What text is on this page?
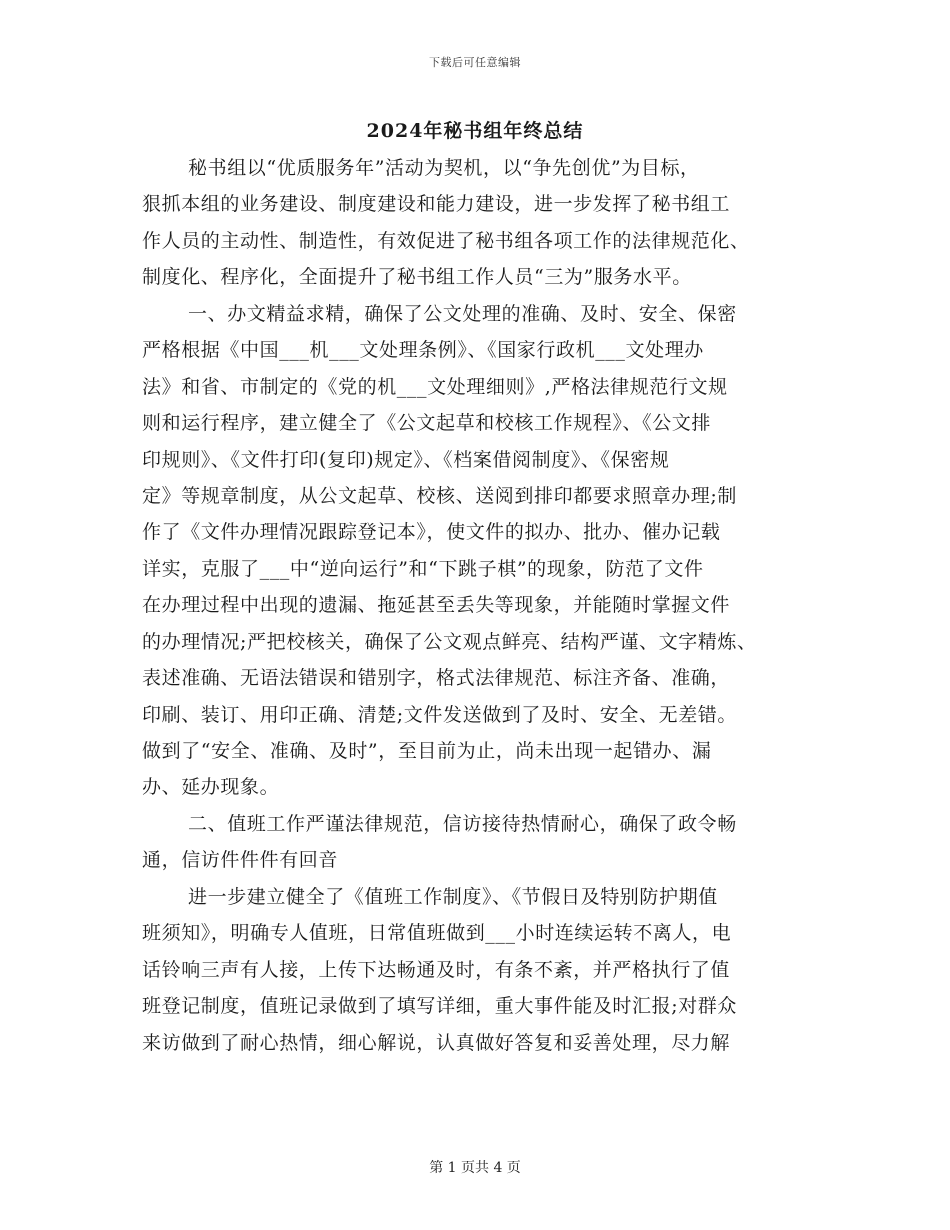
下载后可任意编辑
2024年秘书组年终总结
秘书组以“优质服务年”活动为契机，以“争先创优”为目标，
狠抓本组的业务建设、制度建设和能力建设，进一步发挥了秘书组工
作人员的主动性、制造性，有效促进了秘书组各项工作的法律规范化、
制度化、程序化，全面提升了秘书组工作人员“三为”服务水平。
一、办文精益求精，确保了公文处理的准确、及时、安全、保密
严格根据《中国___机___文处理条例》、《国家行政机___文处理办
法》和省、市制定的《党的机___文处理细则》,严格法律规范行文规
则和运行程序，建立健全了《公文起草和校核工作规程》、《公文排
印规则》、《文件打印(复印)规定》、《档案借阅制度》、《保密规
定》等规章制度，从公文起草、校核、送阅到排印都要求照章办理;制
作了《文件办理情况跟踪登记本》，使文件的拟办、批办、催办记载
详实，克服了___中“逆向运行”和“下跳子棋”的现象，防范了文件
在办理过程中出现的遗漏、拖延甚至丢失等现象，并能随时掌握文件
的办理情况;严把校核关，确保了公文观点鲜亮、结构严谨、文字精炼、
表述准确、无语法错误和错别字，格式法律规范、标注齐备、准确，
印刷、装订、用印正确、清楚;文件发送做到了及时、安全、无差错。
做到了“安全、准确、及时”，至目前为止，尚未出现一起错办、漏
办、延办现象。
二、值班工作严谨法律规范，信访接待热情耐心，确保了政令畅
通，信访件件件有回音
进一步建立健全了《值班工作制度》、《节假日及特别防护期值
班须知》，明确专人值班，日常值班做到___小时连续运转不离人，电
话铃响三声有人接，上传下达畅通及时，有条不紊，并严格执行了值
班登记制度，值班记录做到了填写详细，重大事件能及时汇报;对群众
来访做到了耐心热情，细心解说，认真做好答复和妥善处理，尽力解
第 1 页共 4 页
